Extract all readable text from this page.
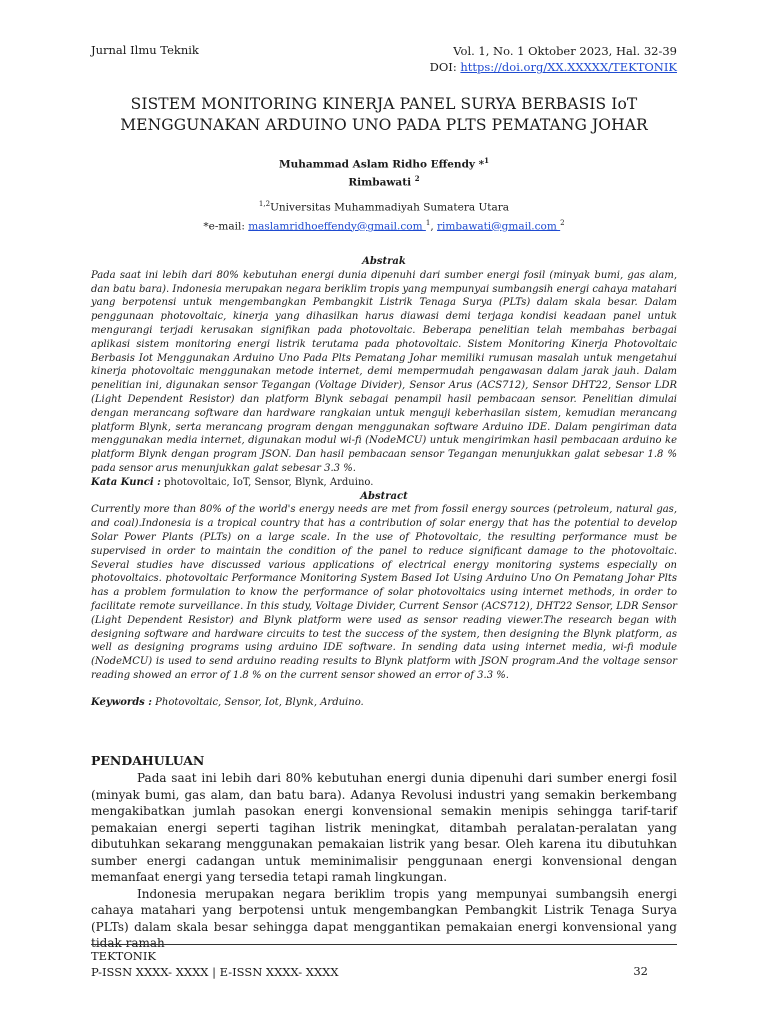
Jurnal Ilmu Teknik	Vol. 1, No. 1 Oktober 2023, Hal. 32-39
DOI: https://doi.org/XX.XXXXX/TEKTONIK
SISTEM MONITORING KINERJA PANEL SURYA BERBASIS IoT
MENGGUNAKAN ARDUINO UNO PADA PLTS PEMATANG JOHAR
Muhammad Aslam Ridho Effendy *$^1$
Rimbawati $^2$
$^{1,2}$Universitas Muhammadiyah Sumatera Utara
*e-mail: maslamridhoeffendy@gmail.com $^1$, rimbawati@gmail.com $^2$
Abstrak
Pada saat ini lebih dari 80% kebutuhan energi dunia dipenuhi dari sumber energi fosil (minyak bumi, gas alam, dan batu bara). Indonesia merupakan negara beriklim tropis yang mempunyai sumbangsih energi cahaya matahari yang berpotensi untuk mengembangkan Pembangkit Listrik Tenaga Surya (PLTs) dalam skala besar. Dalam penggunaan photovoltaic, kinerja yang dihasilkan harus diawasi demi terjaga kondisi keadaan panel untuk mengurangi terjadi kerusakan signifikan pada photovoltaic. Beberapa penelitian telah membahas berbagai aplikasi sistem monitoring energi listrik terutama pada photovoltaic. Sistem Monitoring Kinerja Photovoltaic Berbasis Iot Menggunakan Arduino Uno Pada Plts Pematang Johar memiliki rumusan masalah untuk mengetahui kinerja photovoltaic menggunakan metode internet, demi mempermudah pengawasan dalam jarak jauh. Dalam penelitian ini, digunakan sensor Tegangan (Voltage Divider), Sensor Arus (ACS712), Sensor DHT22, Sensor LDR (Light Dependent Resistor) dan platform Blynk sebagai penampil hasil pembacaan sensor. Penelitian dimulai dengan merancang software dan hardware rangkaian untuk menguji keberhasilan sistem, kemudian merancang platform Blynk, serta merancang program dengan menggunakan software Arduino IDE. Dalam pengiriman data menggunakan media internet, digunakan modul wi-fi (NodeMCU) untuk mengirimkan hasil pembacaan arduino ke platform Blynk dengan program JSON. Dan hasil pembacaan sensor Tegangan menunjukkan galat sebesar 1.8 % pada sensor arus menunjukkan galat sebesar 3.3 %.
Kata Kunci : photovoltaic, IoT, Sensor, Blynk, Arduino.
Abstract
Currently more than 80% of the world's energy needs are met from fossil energy sources (petroleum, natural gas, and coal).Indonesia is a tropical country that has a contribution of solar energy that has the potential to develop Solar Power Plants (PLTs) on a large scale. In the use of Photovoltaic, the resulting performance must be supervised in order to maintain the condition of the panel to reduce significant damage to the photovoltaic. Several studies have discussed various applications of electrical energy monitoring systems especially on photovoltaics. photovoltaic Performance Monitoring System Based Iot Using Arduino Uno On Pematang Johar Plts has a problem formulation to know the performance of solar photovoltaics using internet methods, in order to facilitate remote surveillance. In this study, Voltage Divider, Current Sensor (ACS712), DHT22 Sensor, LDR Sensor (Light Dependent Resistor) and Blynk platform were used as sensor reading viewer.The research began with designing software and hardware circuits to test the success of the system, then designing the Blynk platform, as well as designing programs using arduino IDE software. In sending data using internet media, wi-fi module (NodeMCU) is used to send arduino reading results to Blynk platform with JSON program.And the voltage sensor reading showed an error of 1.8 % on the current sensor showed an error of 3.3 %.
Keywords : Photovoltaic, Sensor, Iot, Blynk, Arduino.
PENDAHULUAN

Pada saat ini lebih dari 80% kebutuhan energi dunia dipenuhi dari sumber energi fosil (minyak bumi, gas alam, dan batu bara). Adanya Revolusi industri yang semakin berkembang mengakibatkan jumlah pasokan energi konvensional semakin menipis sehingga tarif-tarif pemakaian energi seperti tagihan listrik meningkat, ditambah peralatan-peralatan yang dibutuhkan sekarang menggunakan pemakaian listrik yang besar. Oleh karena itu dibutuhkan sumber energi cadangan untuk meminimalisir penggunaan energi konvensional dengan memanfaat energi yang tersedia tetapi ramah lingkungan.

Indonesia merupakan negara beriklim tropis yang mempunyai sumbangsih energi cahaya matahari yang berpotensi untuk mengembangkan Pembangkit Listrik Tenaga Surya (PLTs) dalam skala besar sehingga dapat menggantikan pemakaian energi konvensional yang tidak ramah

TEKTONIK
P-ISSN XXXX- XXXX | E-ISSN XXXX- XXXX	32
